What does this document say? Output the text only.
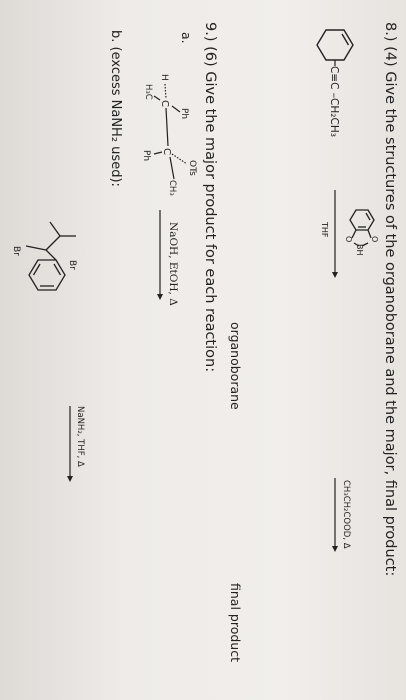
8.) (4) Give the structures of the organoborane and the major, final product:
C≡C –CH₂CH₃
O
O
BH
THF
CH₃CH₂COOD, Δ
organoborane
final product
9.) (6) Give the major product for each reaction:
a.
Ph
OTs
H
C
C
CH₃
H₃C
Ph
NaOH, EtOH, Δ
b. (excess NaNH₂ used):
Br
Br
NaNH₂, THF, Δ
